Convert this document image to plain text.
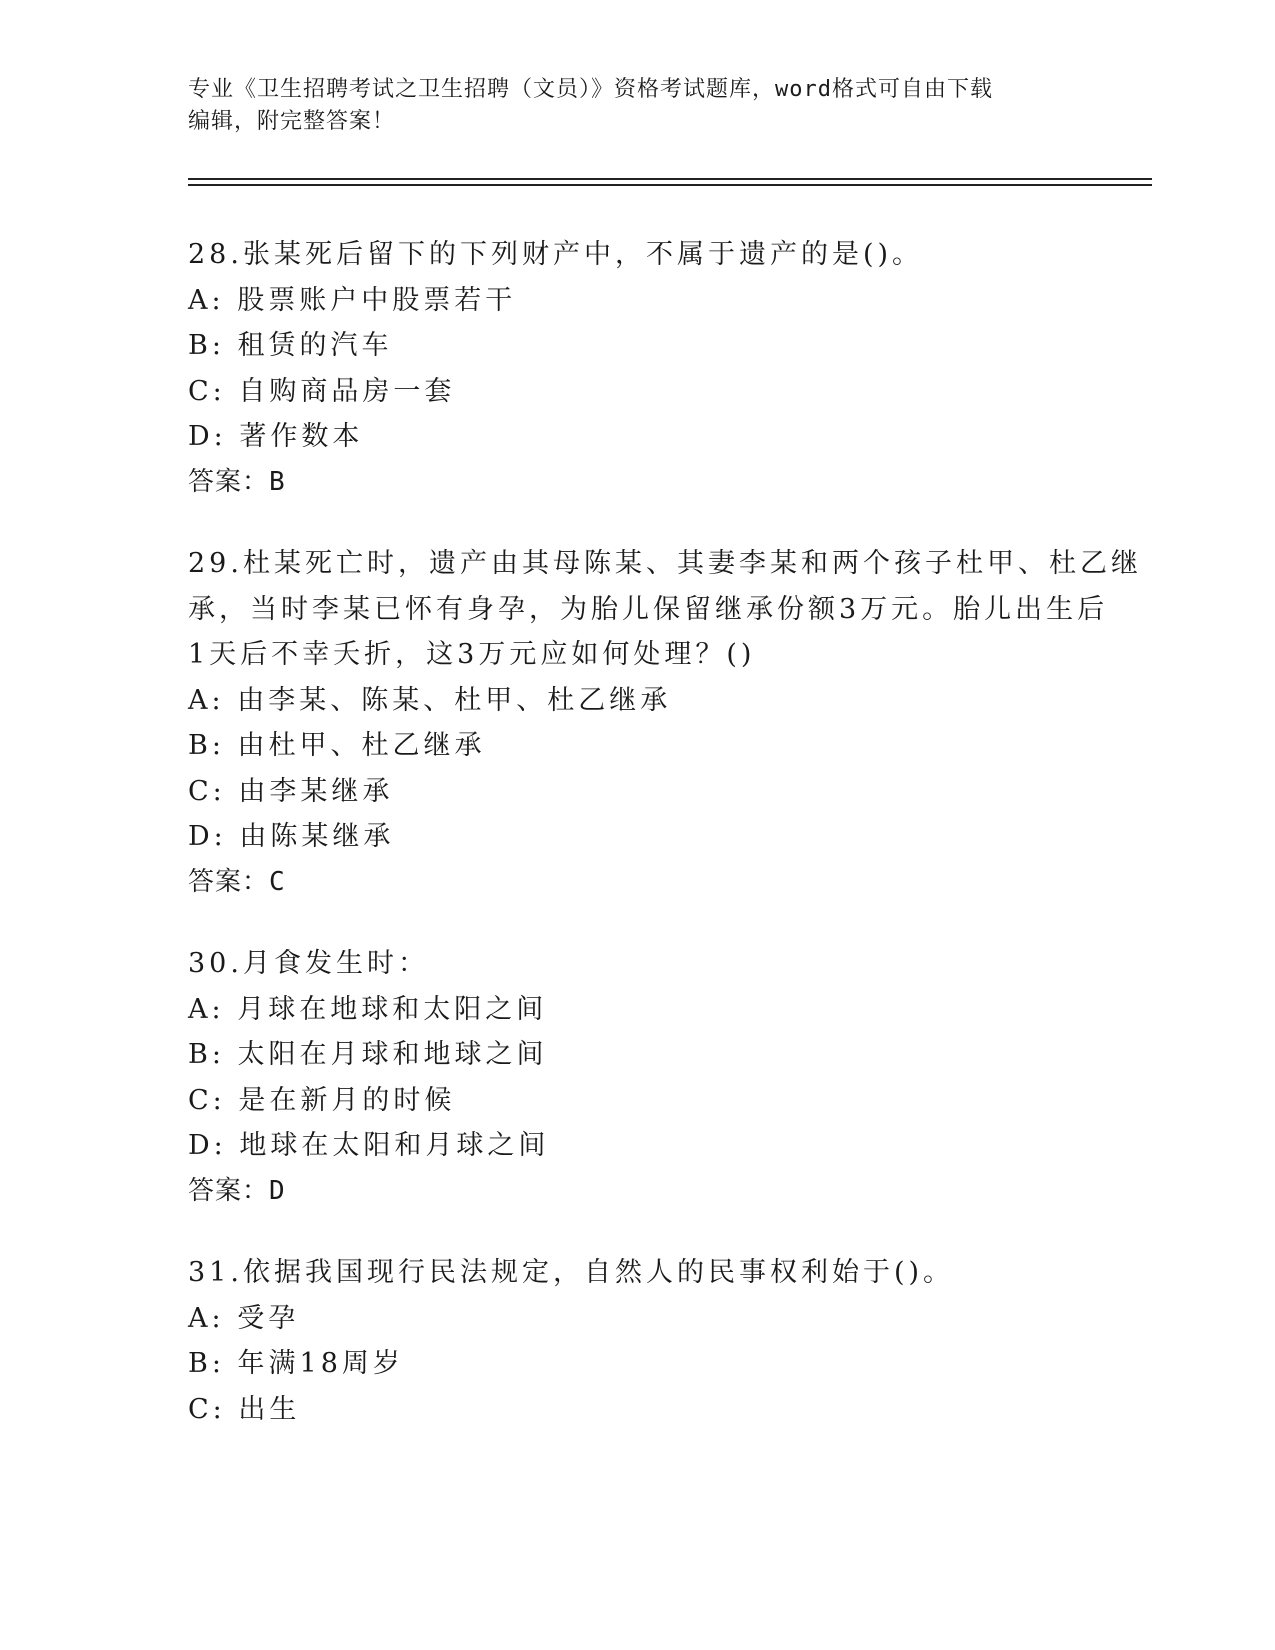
专业《卫生招聘考试之卫生招聘（文员）》资格考试题库，word格式可自由下载
编辑，附完整答案！
28.张某死后留下的下列财产中，不属于遗产的是()。
A: 股票账户中股票若干
B: 租赁的汽车
C: 自购商品房一套
D: 著作数本
答案：B
29.杜某死亡时，遗产由其母陈某、其妻李某和两个孩子杜甲、杜乙继
承，当时李某已怀有身孕，为胎儿保留继承份额3万元。胎儿出生后
1天后不幸夭折，这3万元应如何处理？()
A: 由李某、陈某、杜甲、杜乙继承
B: 由杜甲、杜乙继承
C: 由李某继承
D: 由陈某继承
答案：C
30.月食发生时：
A: 月球在地球和太阳之间
B: 太阳在月球和地球之间
C: 是在新月的时候
D: 地球在太阳和月球之间
答案：D
31.依据我国现行民法规定，自然人的民事权利始于()。
A: 受孕
B: 年满18周岁
C: 出生
